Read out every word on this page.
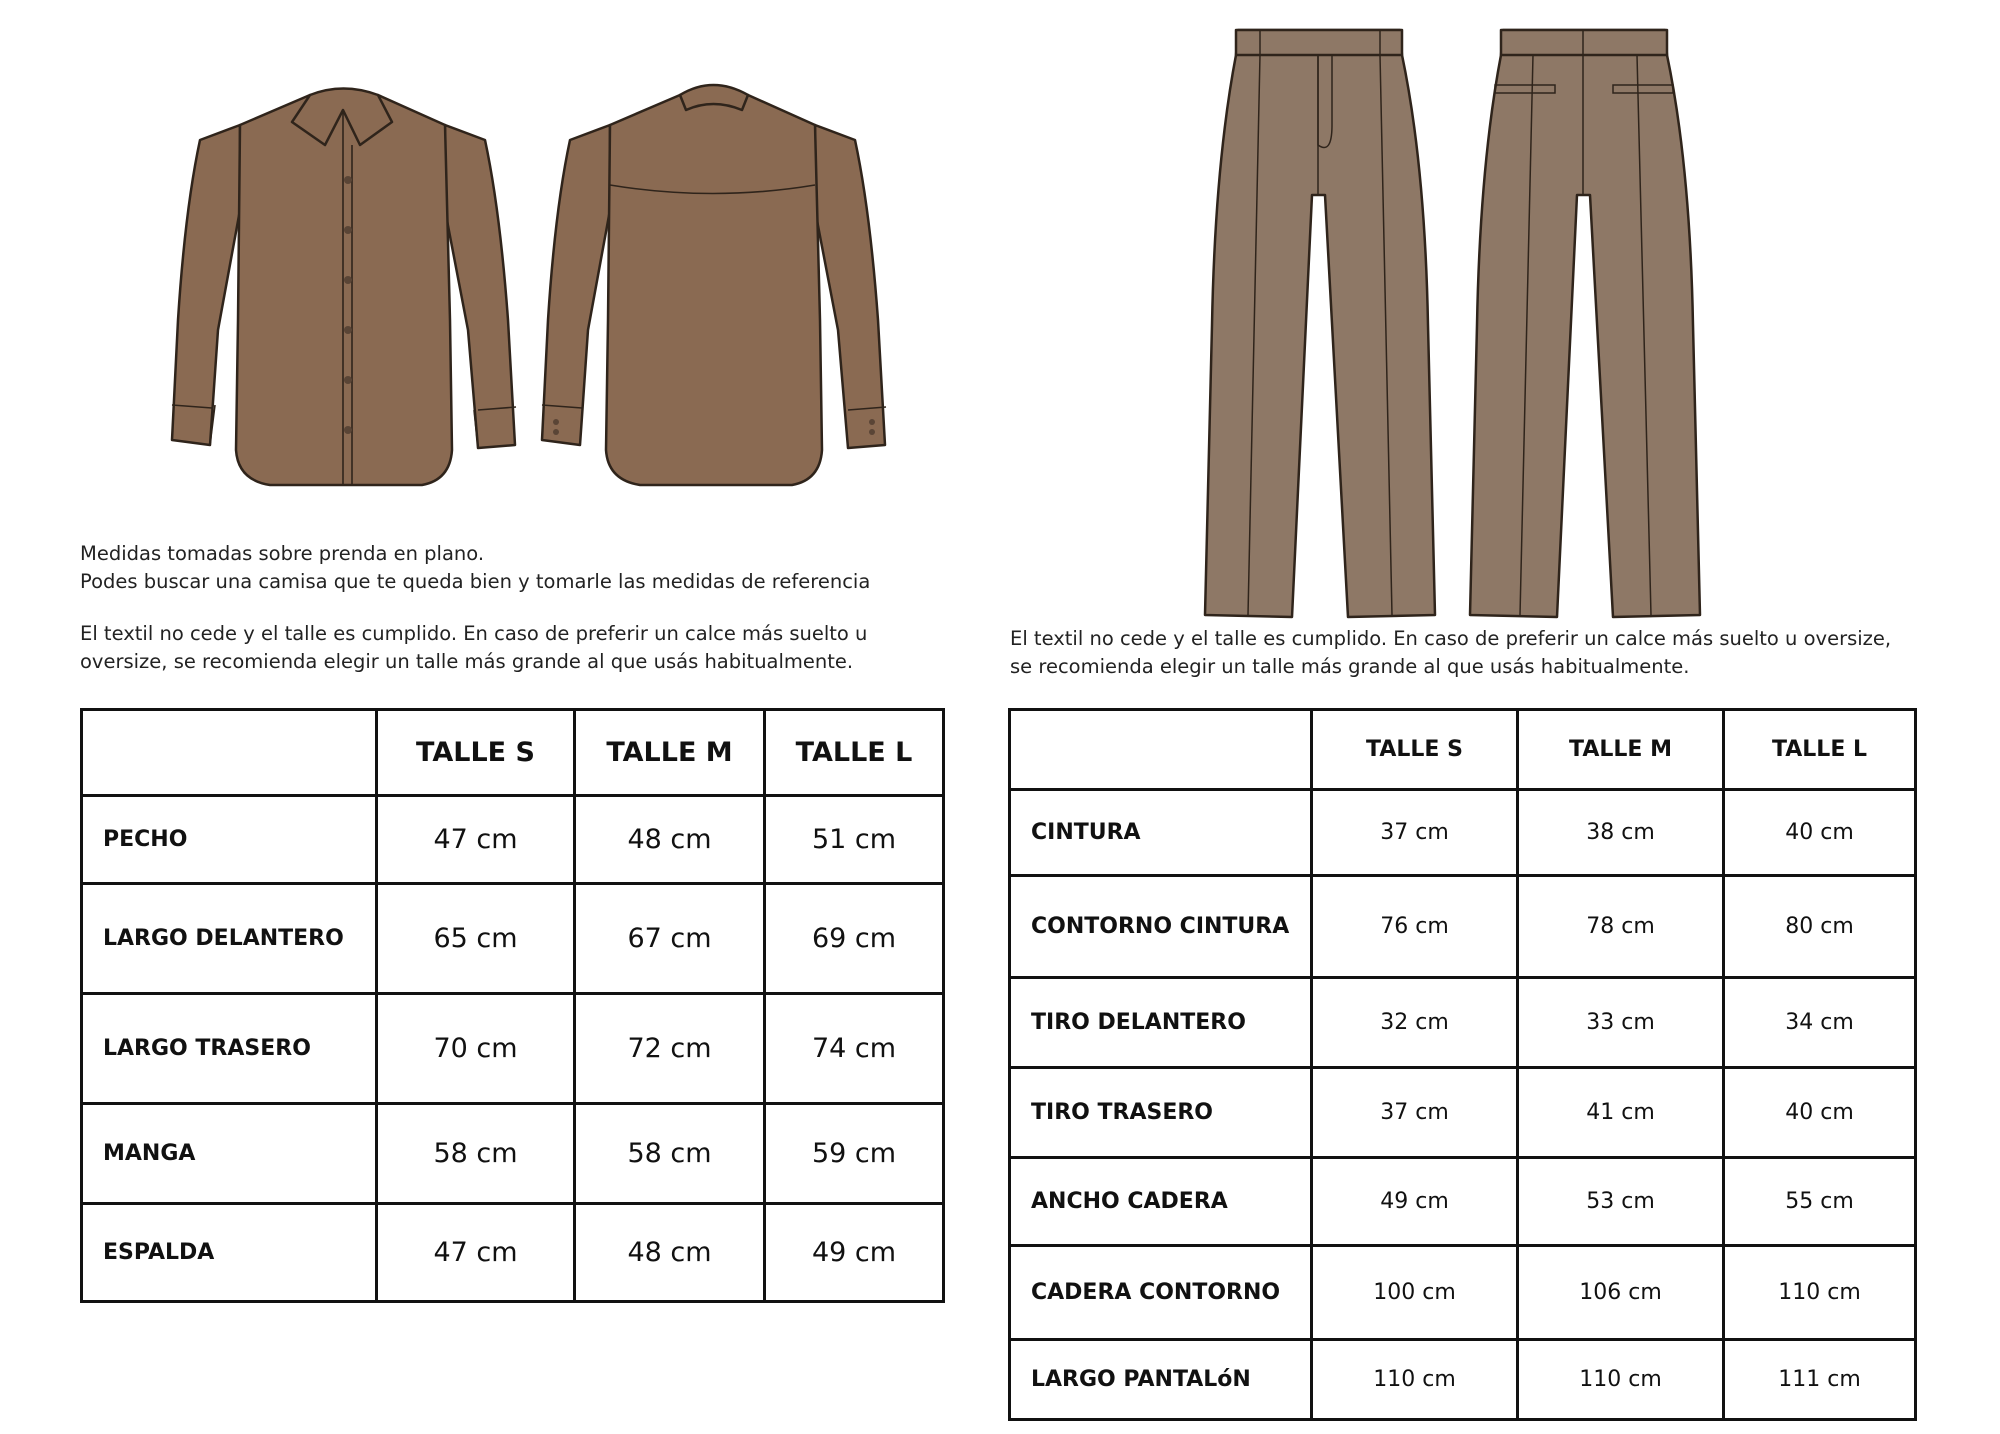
Medidas tomadas sobre prenda en plano.
Podes buscar una camisa que te queda bien y tomarle las medidas de referencia

El textil no cede y el talle es cumplido. En caso de preferir un calce más suelto u
oversize, se recomienda elegir un talle más grande al que usás habitualmente.

El textil no cede y el talle es cumplido. En caso de preferir un calce más suelto u oversize,
se recomienda elegir un talle más grande al que usás habitualmente.

	TALLE S	TALLE M	TALLE L
PECHO	47 cm	48 cm	51 cm
LARGO DELANTERO	65 cm	67 cm	69 cm
LARGO TRASERO	70 cm	72 cm	74 cm
MANGA	58 cm	58 cm	59 cm
ESPALDA	47 cm	48 cm	49 cm
	TALLE S	TALLE M	TALLE L
CINTURA	37 cm	38 cm	40 cm
CONTORNO CINTURA	76 cm	78 cm	80 cm
TIRO DELANTERO	32 cm	33 cm	34 cm
TIRO TRASERO	37 cm	41 cm	40 cm
ANCHO CADERA	49 cm	53 cm	55 cm
CADERA CONTORNO	100 cm	106 cm	110 cm
LARGO PANTALóN	110 cm	110 cm	111 cm
